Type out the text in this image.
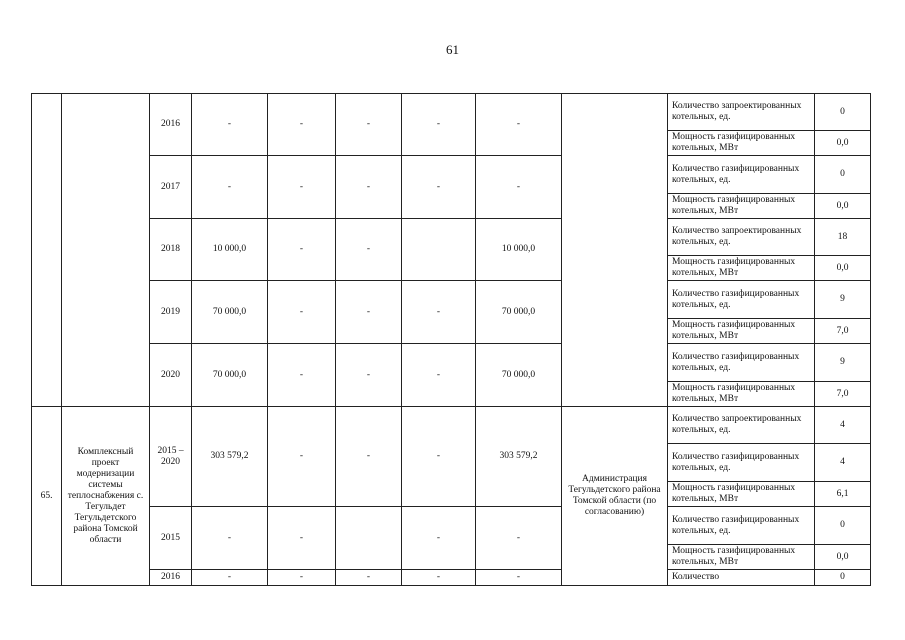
61
		2016	-	-	-	-	-		Количество запроектированных котельных, ед.	0
									Мощность газифицированных котельных, МВт	0,0
		2017	-	-	-	-	-		Количество газифицированных котельных, ед.	0
									Мощность газифицированных котельных, МВт	0,0
		2018	10 000,0	-	-		10 000,0		Количество запроектированных котельных, ед.	18
									Мощность газифицированных котельных, МВт	0,0
		2019	70 000,0	-	-	-	70 000,0		Количество газифицированных котельных, ед.	9
									Мощность газифицированных котельных, МВт	7,0
		2020	70 000,0	-	-	-	70 000,0		Количество газифицированных котельных, ед.	9
									Мощность газифицированных котельных, МВт	7,0
65.	Комплексный проект модернизации системы теплоснабжения с. Тегульдет Тегульдетского района Томской области	2015 – 2020	303 579,2	-	-	-	303 579,2	Администрация Тегульдетского района Томской области (по согласованию)	Количество запроектированных котельных, ед.	4
									Количество газифицированных котельных, ед.	4
									Мощность газифицированных котельных, МВт	6,1
		2015	-	-		-	-		Количество газифицированных котельных, ед.	0
									Мощность газифицированных котельных, МВт	0,0
		2016	-	-	-	-	-		Количество	0
